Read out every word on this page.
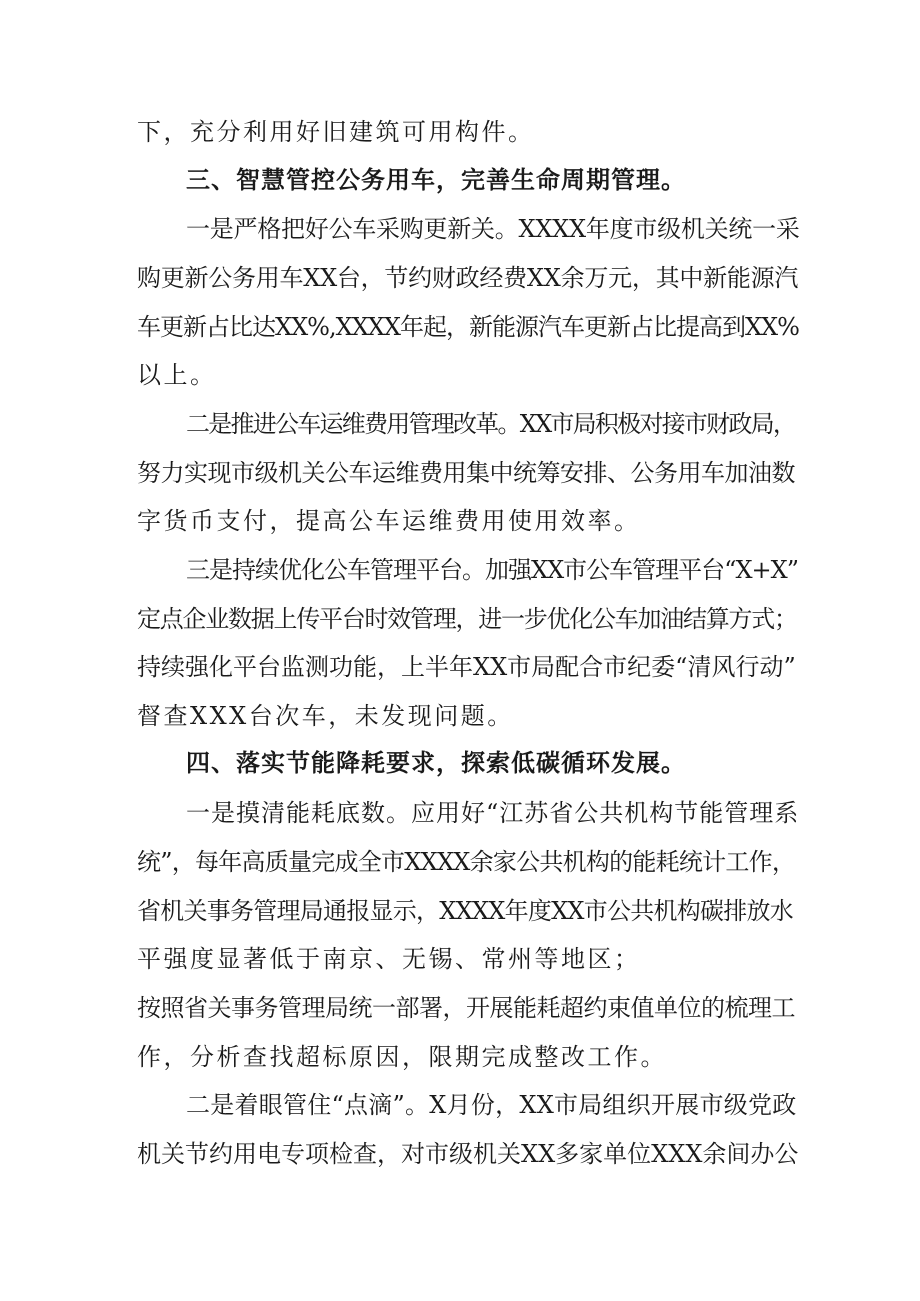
下，充分利用好旧建筑可用构件。
三、智慧管控公务用车，完善生命周期管理。
一是严格把好公车采购更新关。XXXX年度市级机关统一采
购更新公务用车XX台，节约财政经费XX余万元，其中新能源汽
车更新占比达XX%,XXXX年起，新能源汽车更新占比提高到XX%
以上。
二是推进公车运维费用管理改革。XX市局积极对接市财政局，
努力实现市级机关公车运维费用集中统筹安排、公务用车加油数
字货币支付，提高公车运维费用使用效率。
三是持续优化公车管理平台。加强XX市公车管理平台“X+X”
定点企业数据上传平台时效管理，进一步优化公车加油结算方式；
持续强化平台监测功能，上半年XX市局配合市纪委“清风行动”
督查XXX台次车，未发现问题。
四、落实节能降耗要求，探索低碳循环发展。
一是摸清能耗底数。应用好“江苏省公共机构节能管理系
统”，每年高质量完成全市XXXX余家公共机构的能耗统计工作，
省机关事务管理局通报显示，XXXX年度XX市公共机构碳排放水
平强度显著低于南京、无锡、常州等地区；
按照省关事务管理局统一部署，开展能耗超约束值单位的梳理工
作，分析查找超标原因，限期完成整改工作。
二是着眼管住“点滴”。X月份，XX市局组织开展市级党政
机关节约用电专项检查，对市级机关XX多家单位XXX余间办公
